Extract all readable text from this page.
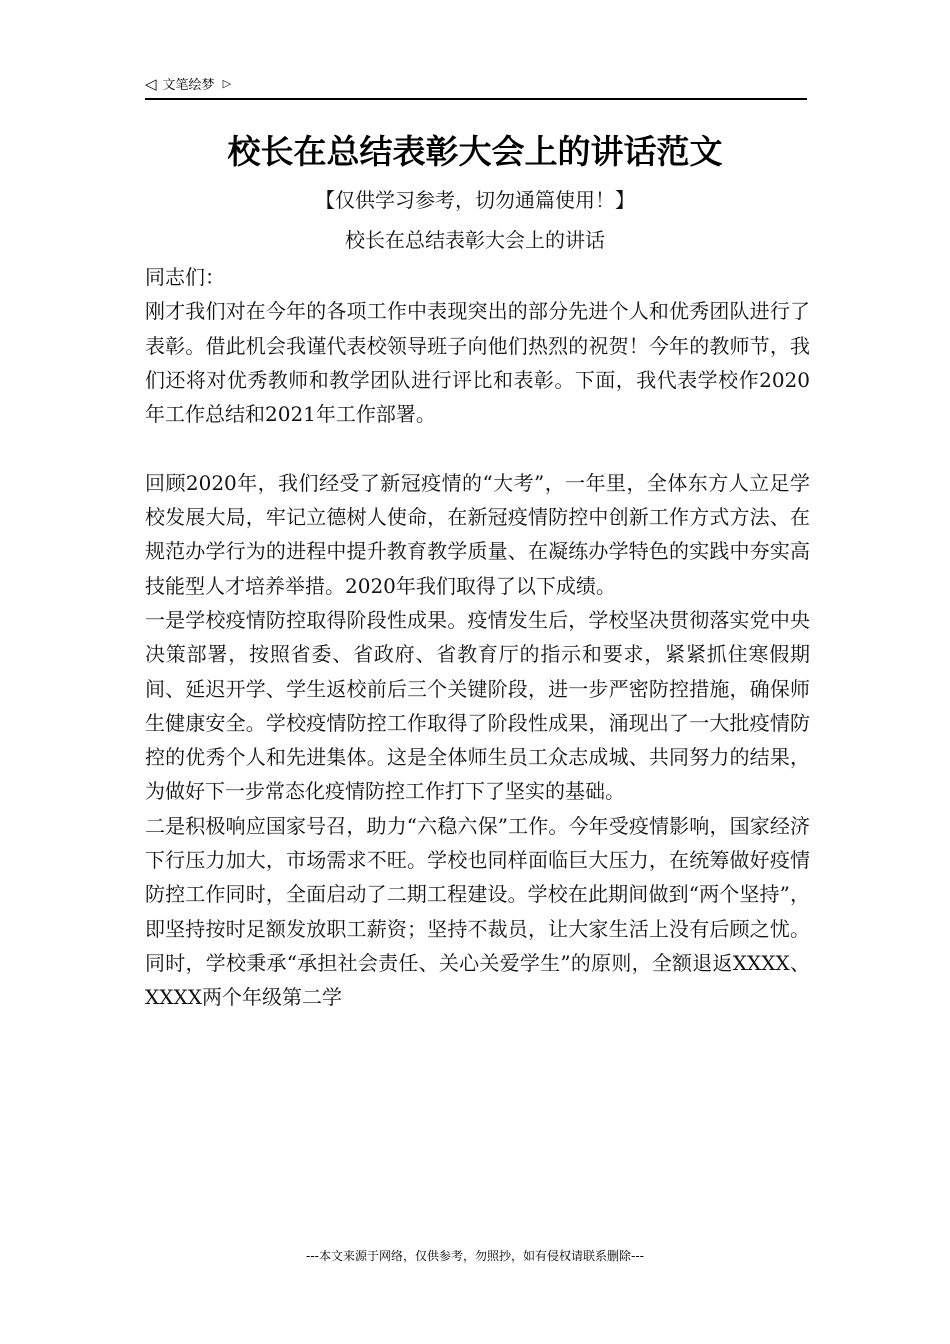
◁ 文笔绘梦 ▷
校长在总结表彰大会上的讲话范文
【仅供学习参考，切勿通篇使用！】
校长在总结表彰大会上的讲话

同志们：

刚才我们对在今年的各项工作中表现突出的部分先进个人和优秀团队进行了表彰。借此机会我谨代表校领导班子向他们热烈的祝贺！今年的教师节，我们还将对优秀教师和教学团队进行评比和表彰。下面，我代表学校作2020年工作总结和2021年工作部署。

回顾2020年，我们经受了新冠疫情的“大考”，一年里，全体东方人立足学校发展大局，牢记立德树人使命，在新冠疫情防控中创新工作方式方法、在规范办学行为的进程中提升教育教学质量、在凝练办学特色的实践中夯实高技能型人才培养举措。2020年我们取得了以下成绩。

一是学校疫情防控取得阶段性成果。疫情发生后，学校坚决贯彻落实党中央决策部署，按照省委、省政府、省教育厅的指示和要求，紧紧抓住寒假期间、延迟开学、学生返校前后三个关键阶段，进一步严密防控措施，确保师生健康安全。学校疫情防控工作取得了阶段性成果，涌现出了一大批疫情防控的优秀个人和先进集体。这是全体师生员工众志成城、共同努力的结果，为做好下一步常态化疫情防控工作打下了坚实的基础。

二是积极响应国家号召，助力“六稳六保”工作。今年受疫情影响，国家经济下行压力加大，市场需求不旺。学校也同样面临巨大压力，在统筹做好疫情防控工作同时，全面启动了二期工程建设。学校在此期间做到“两个坚持”，即坚持按时足额发放职工薪资；坚持不裁员，让大家生活上没有后顾之忧。同时，学校秉承“承担社会责任、关心关爱学生”的原则，全额退返XXXX、XXXX两个年级第二学

---本文来源于网络，仅供参考，勿照抄，如有侵权请联系删除---
